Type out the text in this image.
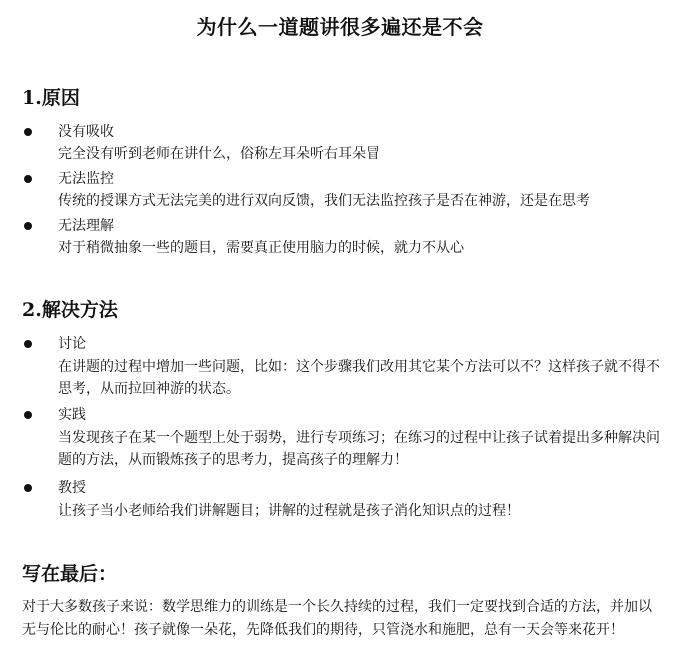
为什么一道题讲很多遍还是不会
1.原因
没有吸收
完全没有听到老师在讲什么，俗称左耳朵听右耳朵冒
无法监控
传统的授课方式无法完美的进行双向反馈，我们无法监控孩子是否在神游，还是在思考
无法理解
对于稍微抽象一些的题目，需要真正使用脑力的时候，就力不从心
2.解决方法
讨论
在讲题的过程中增加一些问题，比如：这个步骤我们改用其它某个方法可以不？这样孩子就不得不思考，从而拉回神游的状态。
实践
当发现孩子在某一个题型上处于弱势，进行专项练习；在练习的过程中让孩子试着提出多种解决问题的方法，从而锻炼孩子的思考力，提高孩子的理解力！
教授
让孩子当小老师给我们讲解题目；讲解的过程就是孩子消化知识点的过程！
写在最后：
对于大多数孩子来说：数学思维力的训练是一个长久持续的过程，我们一定要找到合适的方法，并加以无与伦比的耐心！孩子就像一朵花，先降低我们的期待，只管浇水和施肥，总有一天会等来花开！
